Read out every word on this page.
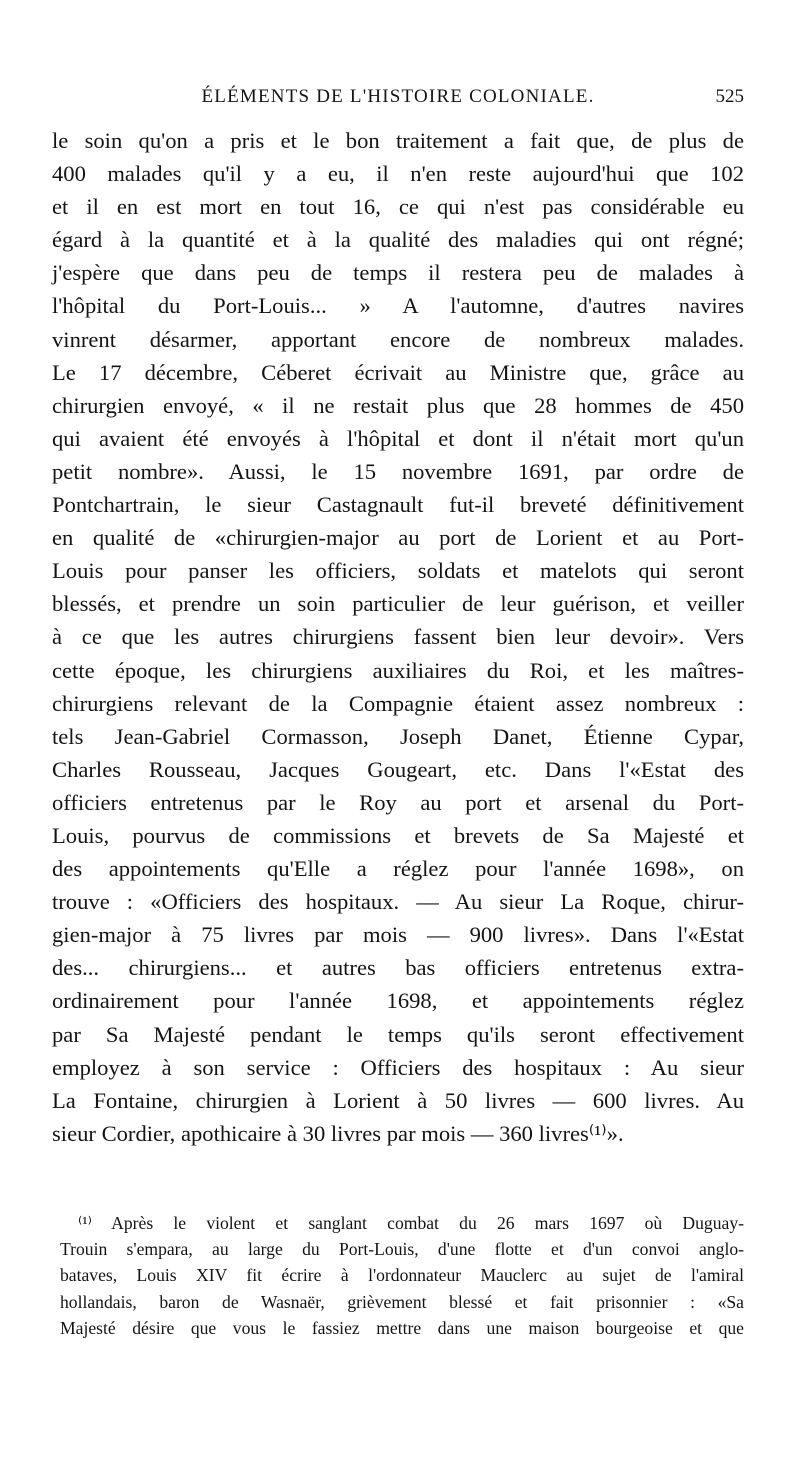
ÉLÉMENTS DE L'HISTOIRE COLONIALE.	525
le soin qu'on a pris et le bon traitement a fait que, de plus de
400 malades qu'il y a eu, il n'en reste aujourd'hui que 102
et il en est mort en tout 16, ce qui n'est pas considérable eu
égard à la quantité et à la qualité des maladies qui ont régné;
j'espère que dans peu de temps il restera peu de malades à
l'hôpital du Port-Louis... » A l'automne, d'autres navires
vinrent désarmer, apportant encore de nombreux malades.
Le 17 décembre, Céberet écrivait au Ministre que, grâce au
chirurgien envoyé, « il ne restait plus que 28 hommes de 450
qui avaient été envoyés à l'hôpital et dont il n'était mort qu'un
petit nombre». Aussi, le 15 novembre 1691, par ordre de
Pontchartrain, le sieur Castagnault fut-il breveté définitivement
en qualité de «chirurgien-major au port de Lorient et au Port-
Louis pour panser les officiers, soldats et matelots qui seront
blessés, et prendre un soin particulier de leur guérison, et veiller
à ce que les autres chirurgiens fassent bien leur devoir». Vers
cette époque, les chirurgiens auxiliaires du Roi, et les maîtres-
chirurgiens relevant de la Compagnie étaient assez nombreux :
tels Jean-Gabriel Cormasson, Joseph Danet, Étienne Cypar,
Charles Rousseau, Jacques Gougeart, etc. Dans l'«Estat des
officiers entretenus par le Roy au port et arsenal du Port-
Louis, pourvus de commissions et brevets de Sa Majesté et
des appointements qu'Elle a réglez pour l'année 1698», on
trouve : «Officiers des hospitaux. — Au sieur La Roque, chirur-
gien-major à 75 livres par mois — 900 livres». Dans l'«Estat
des... chirurgiens... et autres bas officiers entretenus extra-
ordinairement pour l'année 1698, et appointements réglez
par Sa Majesté pendant le temps qu'ils seront effectivement
employez à son service : Officiers des hospitaux : Au sieur
La Fontaine, chirurgien à Lorient à 50 livres — 600 livres. Au
sieur Cordier, apothicaire à 30 livres par mois — 360 livres⁽¹⁾».
⁽¹⁾ Après le violent et sanglant combat du 26 mars 1697 où Duguay-
Trouin s'empara, au large du Port-Louis, d'une flotte et d'un convoi anglo-
bataves, Louis XIV fit écrire à l'ordonnateur Mauclerc au sujet de l'amiral
hollandais, baron de Wasnaër, grièvement blessé et fait prisonnier : «Sa
Majesté désire que vous le fassiez mettre dans une maison bourgeoise et que
